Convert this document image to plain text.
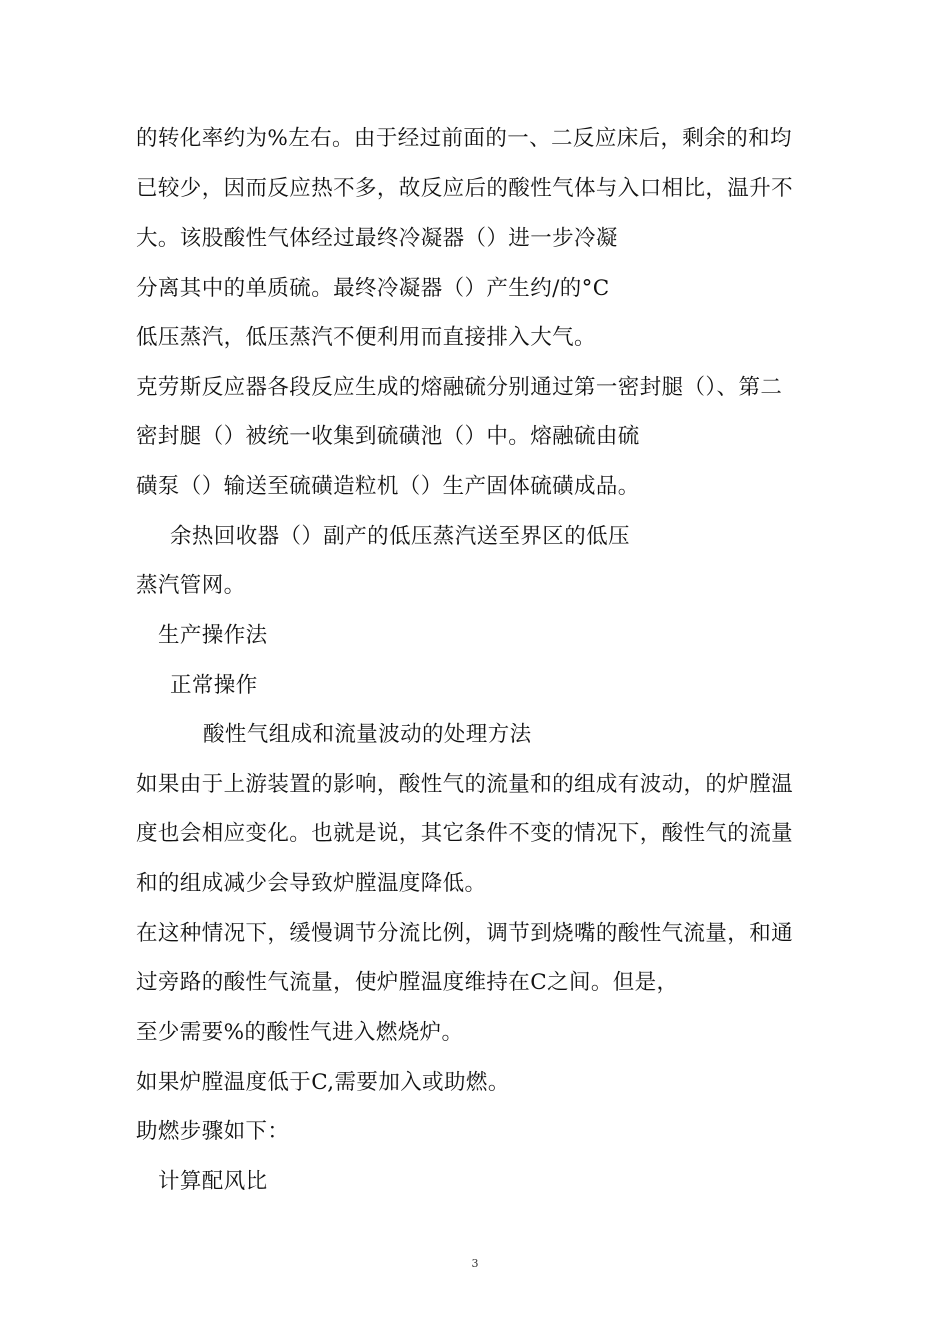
的转化率约为%左右。由于经过前面的一、二反应床后，剩余的和均
已较少，因而反应热不多，故反应后的酸性气体与入口相比，温升不
大。该股酸性气体经过最终冷凝器（）进一步冷凝
分离其中的单质硫。最终冷凝器（）产生约/的°C
低压蒸汽，低压蒸汽不便利用而直接排入大气。
克劳斯反应器各段反应生成的熔融硫分别通过第一密封腿（）、第二
密封腿（）被统一收集到硫磺池（）中。熔融硫由硫
磺泵（）输送至硫磺造粒机（）生产固体硫磺成品。
余热回收器（）副产的低压蒸汽送至界区的低压
蒸汽管网。
生产操作法
正常操作
酸性气组成和流量波动的处理方法
如果由于上游装置的影响，酸性气的流量和的组成有波动，的炉膛温
度也会相应变化。也就是说，其它条件不变的情况下，酸性气的流量
和的组成减少会导致炉膛温度降低。
在这种情况下，缓慢调节分流比例，调节到烧嘴的酸性气流量，和通
过旁路的酸性气流量，使炉膛温度维持在C之间。但是，
至少需要%的酸性气进入燃烧炉。
如果炉膛温度低于C,需要加入或助燃。
助燃步骤如下：
计算配风比
3
